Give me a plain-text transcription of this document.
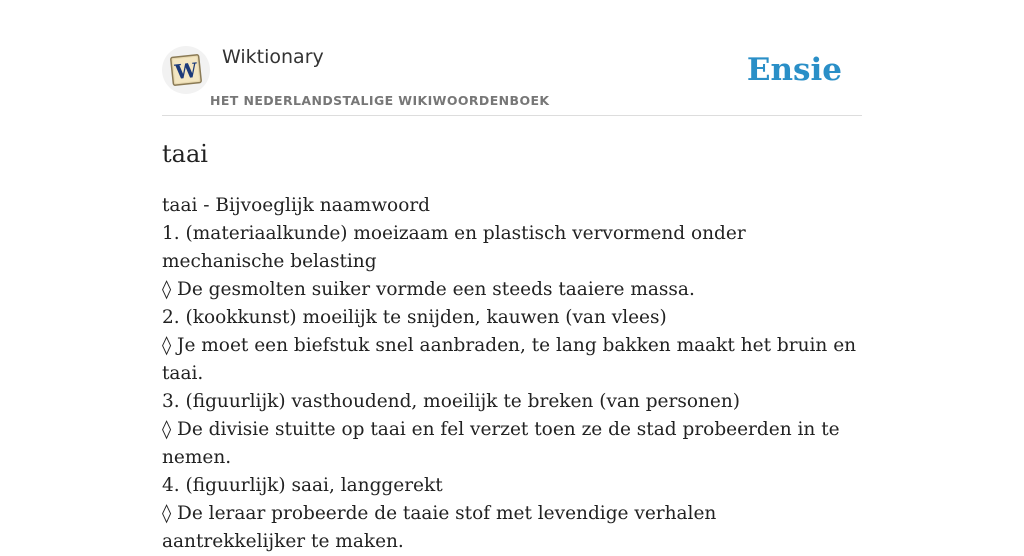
W
Wiktionary
HET NEDERLANDSTALIGE WIKIWOORDENBOEK
Ensie
taai
taai - Bijvoeglijk naamwoord
1. (materiaalkunde) moeizaam en plastisch vervormend onder mechanische belasting
◊ De gesmolten suiker vormde een steeds taaiere massa.
2. (kookkunst) moeilijk te snijden, kauwen (van vlees)
◊ Je moet een biefstuk snel aanbraden, te lang bakken maakt het bruin en taai.
3. (figuurlijk) vasthoudend, moeilijk te breken (van personen)
◊ De divisie stuitte op taai en fel verzet toen ze de stad probeerden in te nemen.
4. (figuurlijk) saai, langgerekt
◊ De leraar probeerde de taaie stof met levendige verhalen aantrekkelijker te maken.
